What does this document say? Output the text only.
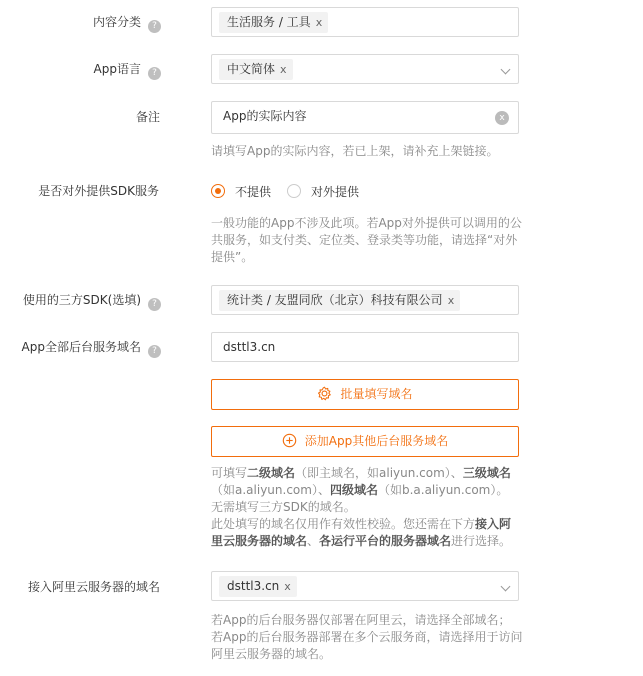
内容分类 ?	生活服务 / 工具 x
App语言 ?	中文简体 x
备注	App的实际内容	x
请填写App的实际内容，若已上架，请补充上架链接。
是否对外提供SDK服务	不提供	对外提供
一般功能的App不涉及此项。若App对外提供可以调用的公共服务，如支付类、定位类、登录类等功能，请选择“对外提供”。
使用的三方SDK(选填) ?	统计类 / 友盟同欣（北京）科技有限公司 x
App全部后台服务域名 ?	dsttl3.cn
批量填写域名
添加App其他后台服务域名
可填写二级域名（即主域名，如aliyun.com）、三级域名（如a.aliyun.com）、四级域名（如b.a.aliyun.com）。
无需填写三方SDK的域名。
此处填写的域名仅用作有效性校验。您还需在下方接入阿里云服务器的域名、各运行平台的服务器域名进行选择。
接入阿里云服务器的域名	dsttl3.cn x
若App的后台服务器仅部署在阿里云，请选择全部域名；
若App的后台服务器部署在多个云服务商，请选择用于访问阿里云服务器的域名。
